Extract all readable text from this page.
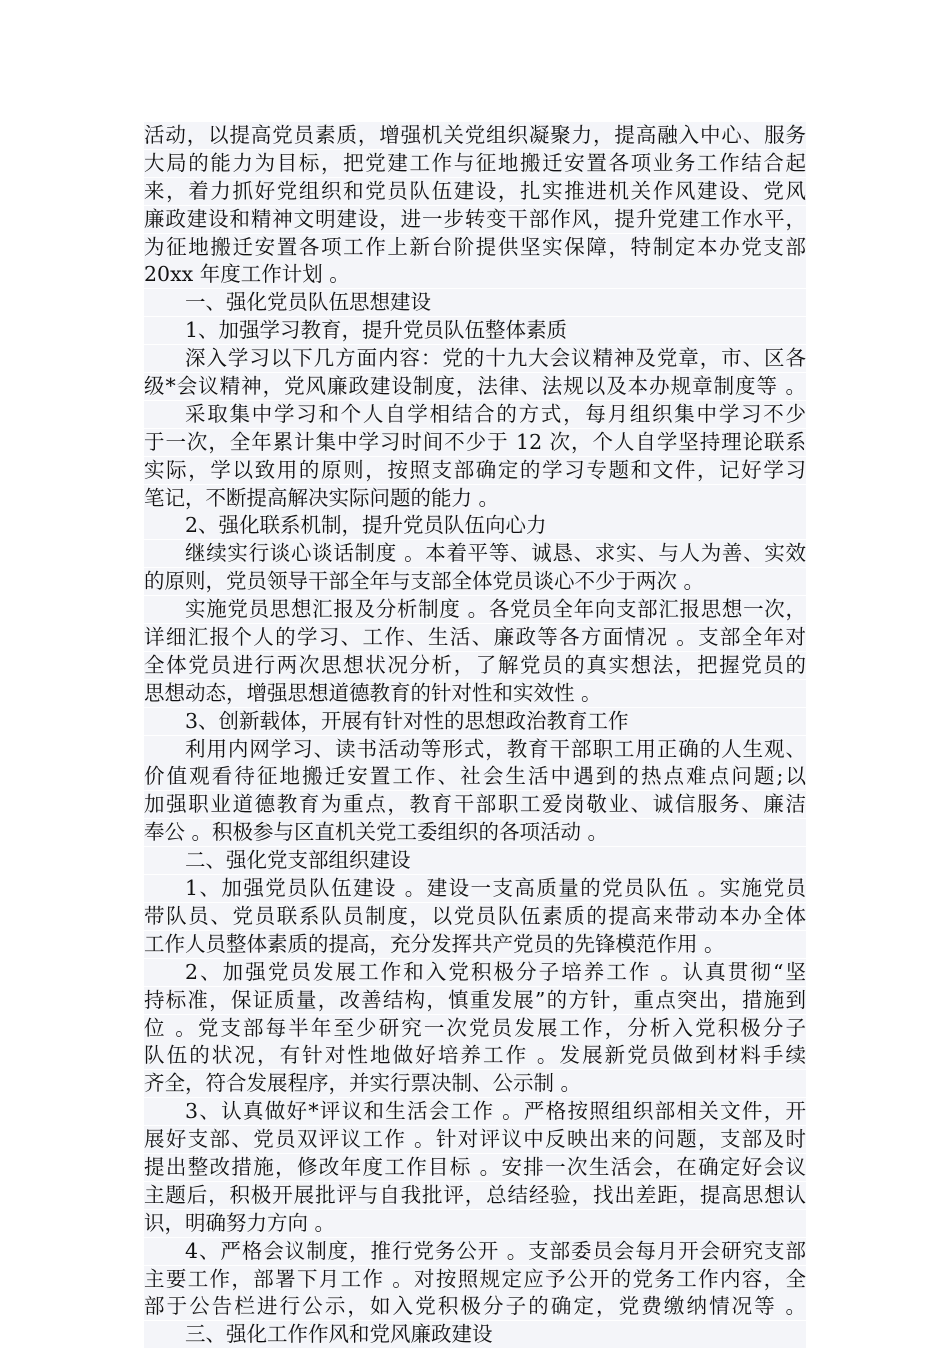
活动，以提高党员素质，增强机关党组织凝聚力，提高融入中心、服务
大局的能力为目标，把党建工作与征地搬迁安置各项业务工作结合起
来，着力抓好党组织和党员队伍建设，扎实推进机关作风建设、党风
廉政建设和精神文明建设，进一步转变干部作风，提升党建工作水平，
为征地搬迁安置各项工作上新台阶提供坚实保障，特制定本办党支部
20xx 年度工作计划 。
一、强化党员队伍思想建设
1、加强学习教育，提升党员队伍整体素质
深入学习以下几方面内容：党的十九大会议精神及党章，市、区各
级*会议精神，党风廉政建设制度，法律、法规以及本办规章制度等 。
采取集中学习和个人自学相结合的方式，每月组织集中学习不少
于一次，全年累计集中学习时间不少于 12 次，个人自学坚持理论联系
实际，学以致用的原则，按照支部确定的学习专题和文件，记好学习
笔记，不断提高解决实际问题的能力 。
2、强化联系机制，提升党员队伍向心力
继续实行谈心谈话制度 。本着平等、诚恳、求实、与人为善、实效
的原则，党员领导干部全年与支部全体党员谈心不少于两次 。
实施党员思想汇报及分析制度 。各党员全年向支部汇报思想一次，
详细汇报个人的学习、工作、生活、廉政等各方面情况 。支部全年对
全体党员进行两次思想状况分析，了解党员的真实想法，把握党员的
思想动态，增强思想道德教育的针对性和实效性 。
3、创新载体，开展有针对性的思想政治教育工作
利用内网学习、读书活动等形式，教育干部职工用正确的人生观、
价值观看待征地搬迁安置工作、社会生活中遇到的热点难点问题;以
加强职业道德教育为重点，教育干部职工爱岗敬业、诚信服务、廉洁
奉公 。积极参与区直机关党工委组织的各项活动 。
二、强化党支部组织建设
1、加强党员队伍建设 。建设一支高质量的党员队伍 。实施党员
带队员、党员联系队员制度，以党员队伍素质的提高来带动本办全体
工作人员整体素质的提高，充分发挥共产党员的先锋模范作用 。
2、加强党员发展工作和入党积极分子培养工作 。认真贯彻“坚
持标准，保证质量，改善结构，慎重发展”的方针，重点突出，措施到
位 。党支部每半年至少研究一次党员发展工作，分析入党积极分子
队伍的状况，有针对性地做好培养工作 。发展新党员做到材料手续
齐全，符合发展程序，并实行票决制、公示制 。
3、认真做好*评议和生活会工作 。严格按照组织部相关文件，开
展好支部、党员双评议工作 。针对评议中反映出来的问题，支部及时
提出整改措施，修改年度工作目标 。安排一次生活会，在确定好会议
主题后，积极开展批评与自我批评，总结经验，找出差距，提高思想认
识，明确努力方向 。
4、严格会议制度，推行党务公开 。支部委员会每月开会研究支部
主要工作，部署下月工作 。对按照规定应予公开的党务工作内容，全
部于公告栏进行公示，如入党积极分子的确定，党费缴纳情况等 。
三、强化工作作风和党风廉政建设
